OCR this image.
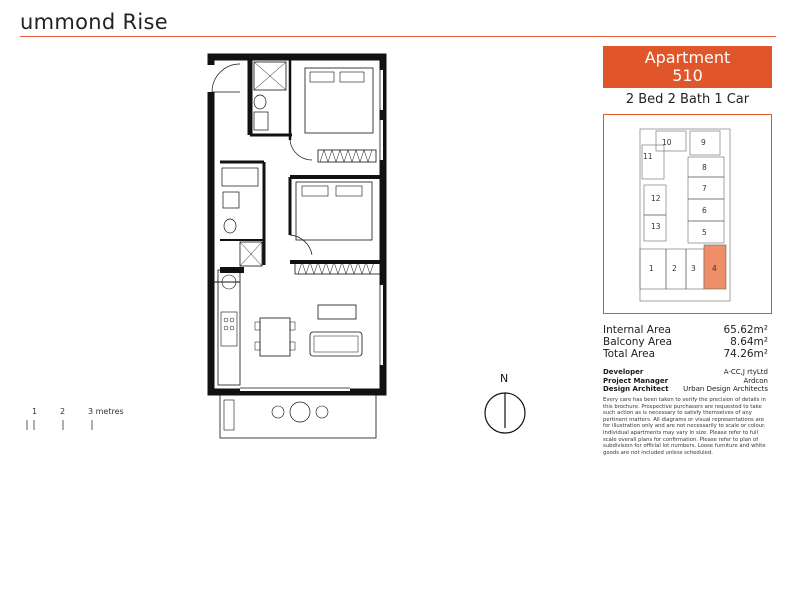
ummond Rise
1	2	3 metres
N
Apartment
510
2 Bed 2 Bath 1 Car
10	9
11
8
7
12
6
13
5
1 2 3 4
Internal Area	65.62m²
Balcony Area	8.64m²
Total Area	74.26m²
Developer	A-CC,J rtyLtd
Project Manager	Ardcon
Design Architect Urban Design Architects
Every care has been taken to verify the precision of details in this brochure. Prospective purchasers are requested to take such action as is necessary to satisfy themselves of any pertinent matters. All diagrams or visual representations are for illustration only and are not necessarily to scale or colour. Individual apartments may vary in size. Please refer to full scale overall plans for confirmation. Please refer to plan of subdivision for official lot numbers. Loose furniture and white goods are not included unless scheduled.
